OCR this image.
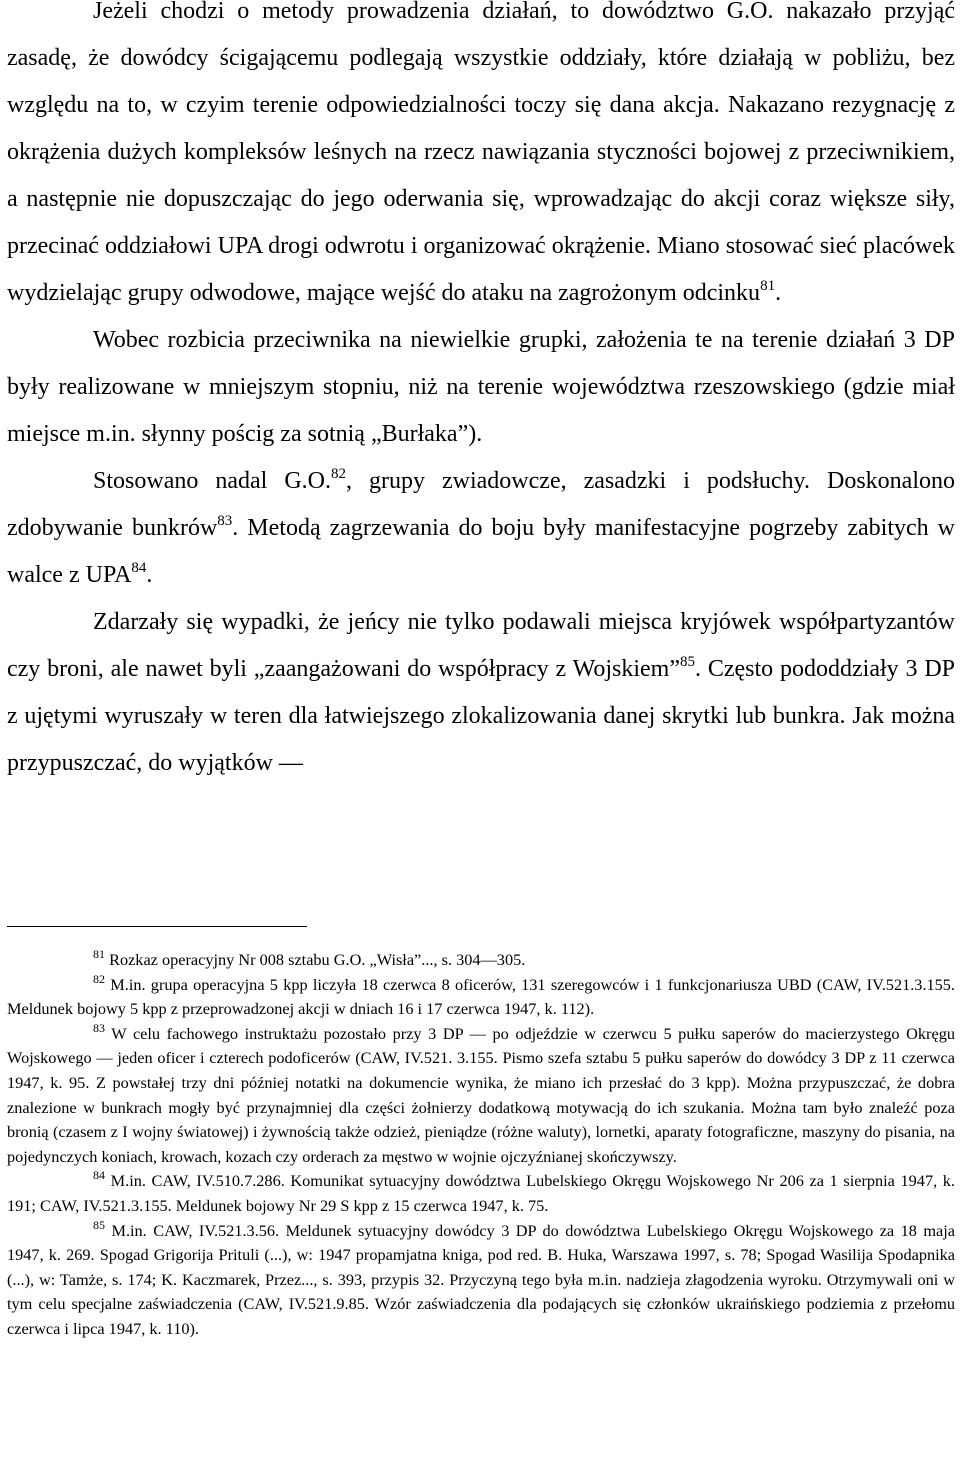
Jeżeli chodzi o metody prowadzenia działań, to dowództwo G.O. nakazało przyjąć zasadę, że dowódcy ścigającemu podlegają wszystkie oddziały, które działają w pobliżu, bez względu na to, w czyim terenie odpowiedzialności toczy się dana akcja. Nakazano rezygnację z okrążenia dużych kompleksów leśnych na rzecz nawiązania styczności bojowej z przeciwnikiem, a następnie nie dopuszczając do jego oderwania się, wprowadzając do akcji coraz większe siły, przecinać oddziałowi UPA drogi odwrotu i organizować okrążenie. Miano stosować sieć placówek wydzielając grupy odwodowe, mające wejść do ataku na zagrożonym odcinku$^{81}$.

Wobec rozbicia przeciwnika na niewielkie grupki, założenia te na terenie działań 3 DP były realizowane w mniejszym stopniu, niż na terenie województwa rzeszowskiego (gdzie miał miejsce m.in. słynny pościg za sotnią „Burłaka”).

Stosowano nadal G.O.$^{82}$, grupy zwiadowcze, zasadzki i podsłuchy. Doskonalono zdobywanie bunkrów$^{83}$. Metodą zagrzewania do boju były manifestacyjne pogrzeby zabitych w walce z UPA$^{84}$.

Zdarzały się wypadki, że jeńcy nie tylko podawali miejsca kryjówek współpartyzantów czy broni, ale nawet byli „zaangażowani do współpracy z Wojskiem”$^{85}$. Często pododdziały 3 DP z ujętymi wyruszały w teren dla łatwiejszego zlokalizowania danej skrytki lub bunkra. Jak można przypuszczać, do wyjątków —

$^{81}$ Rozkaz operacyjny Nr 008 sztabu G.O. „Wisła”..., s. 304—305.

$^{82}$ M.in. grupa operacyjna 5 kpp liczyła 18 czerwca 8 oficerów, 131 szeregowców i 1 funkcjonariusza UBD (CAW, IV.521.3.155. Meldunek bojowy 5 kpp z przeprowadzonej akcji w dniach 16 i 17 czerwca 1947, k. 112).

$^{83}$ W celu fachowego instruktażu pozostało przy 3 DP — po odjeździe w czerwcu 5 pułku saperów do macierzystego Okręgu Wojskowego — jeden oficer i czterech podoficerów (CAW, IV.521. 3.155. Pismo szefa sztabu 5 pułku saperów do dowódcy 3 DP z 11 czerwca 1947, k. 95. Z powstałej trzy dni później notatki na dokumencie wynika, że miano ich przesłać do 3 kpp). Można przypuszczać, że dobra znalezione w bunkrach mogły być przynajmniej dla części żołnierzy dodatkową motywacją do ich szukania. Można tam było znaleźć poza bronią (czasem z I wojny światowej) i żywnością także odzież, pieniądze (różne waluty), lornetki, aparaty fotograficzne, maszyny do pisania, na pojedynczych koniach, krowach, kozach czy orderach za męstwo w wojnie ojczyźnianej skończywszy.

$^{84}$ M.in. CAW, IV.510.7.286. Komunikat sytuacyjny dowództwa Lubelskiego Okręgu Wojskowego Nr 206 za 1 sierpnia 1947, k. 191; CAW, IV.521.3.155. Meldunek bojowy Nr 29 S kpp z 15 czerwca 1947, k. 75.

$^{85}$ M.in. CAW, IV.521.3.56. Meldunek sytuacyjny dowódcy 3 DP do dowództwa Lubelskiego Okręgu Wojskowego za 18 maja 1947, k. 269. Spogad Grigorija Prituli (...), w: 1947 propamjatna kniga, pod red. B. Huka, Warszawa 1997, s. 78; Spogad Wasilija Spodapnika (...), w: Tamże, s. 174; K. Kaczmarek, Przez..., s. 393, przypis 32. Przyczyną tego była m.in. nadzieja złagodzenia wyroku. Otrzymywali oni w tym celu specjalne zaświadczenia (CAW, IV.521.9.85. Wzór zaświadczenia dla podających się członków ukraińskiego podziemia z przełomu czerwca i lipca 1947, k. 110).
